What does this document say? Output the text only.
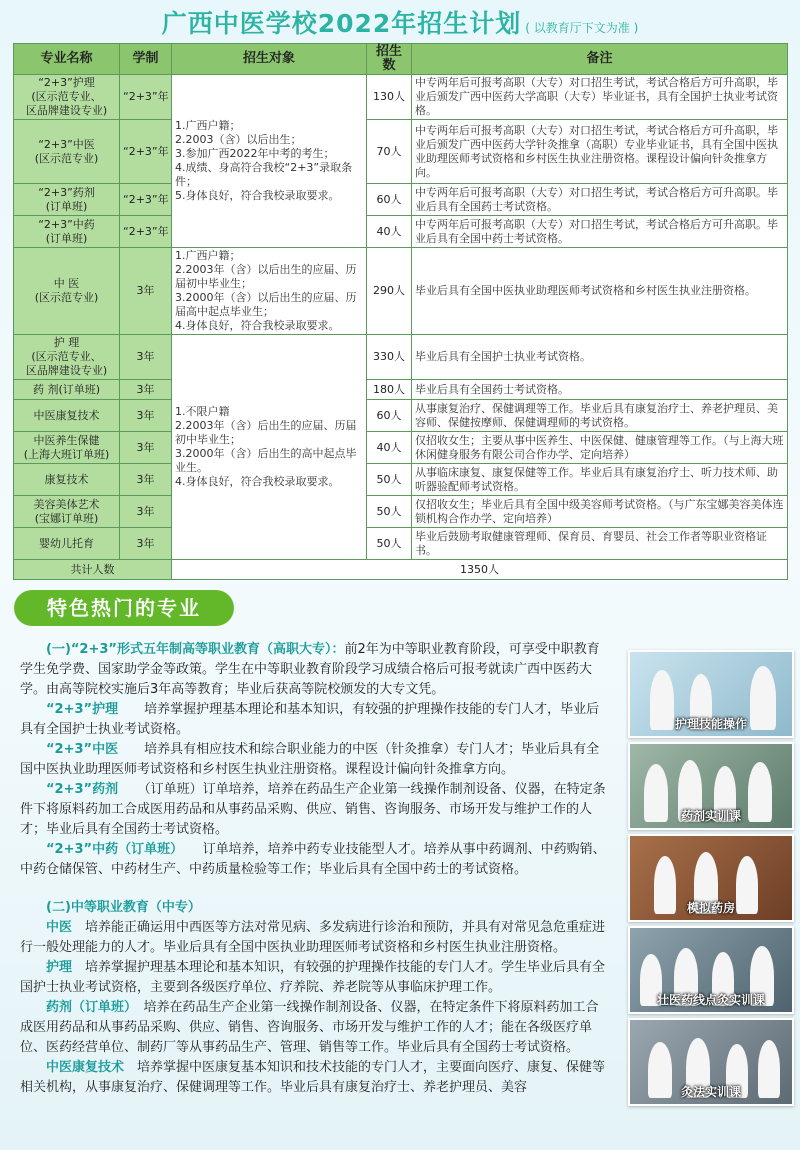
广西中医学校2022年招生计划 ( 以教育厅下文为准 )
专业名称	学制	招生对象	招生数	备注
“2+3”护理
(区示范专业、
区品牌建设专业)	“2+3”年	1.广西户籍；
2.2003（含）以后出生；
3.参加广西2022年中考的考生；
4.成绩、身高符合我校“2+3”录取条件；
5.身体良好，符合我校录取要求。	130人	中专两年后可报考高职（大专）对口招生考试，考试合格后方可升高职，毕业后颁发广西中医药大学高职（大专）毕业证书，具有全国护士执业考试资格。
“2+3”中医
(区示范专业)	“2+3”年		70人	中专两年后可报考高职（大专）对口招生考试，考试合格后方可升高职，毕业后颁发广西中医药大学针灸推拿（高职）专业毕业证书，具有全国中医执业助理医师考试资格和乡村医生执业注册资格。课程设计偏向针灸推拿方向。
“2+3”药剂
(订单班)	“2+3”年		60人	中专两年后可报考高职（大专）对口招生考试，考试合格后方可升高职。毕业后具有全国药士考试资格。
“2+3”中药
(订单班)	“2+3”年		40人	中专两年后可报考高职（大专）对口招生考试，考试合格后方可升高职。毕业后具有全国中药士考试资格。
中 医
(区示范专业)	3年	1.广西户籍；
2.2003年（含）以后出生的应届、历届初中毕业生；
3.2000年（含）以后出生的应届、历届高中起点毕业生；
4.身体良好，符合我校录取要求。	290人	毕业后具有全国中医执业助理医师考试资格和乡村医生执业注册资格。
护 理
(区示范专业、
区品牌建设专业)	3年	1.不限户籍
2.2003年（含）后出生的应届、历届初中毕业生；
3.2000年（含）后出生的高中起点毕业生。
4.身体良好，符合我校录取要求。	330人	毕业后具有全国护士执业考试资格。
药 剂(订单班)	3年		180人	毕业后具有全国药士考试资格。
中医康复技术	3年		60人	从事康复治疗、保健调理等工作。毕业后具有康复治疗士、养老护理员、美容师、保健按摩师、保健调理师的考试资格。
中医养生保健
(上海大班订单班)	3年		40人	仅招收女生；主要从事中医养生、中医保健、健康管理等工作。（与上海大班休闲健身服务有限公司合作办学、定向培养）
康复技术	3年		50人	从事临床康复、康复保健等工作。毕业后具有康复治疗士、听力技术师、助听器验配师考试资格。
美容美体艺术
(宝娜订单班)	3年		50人	仅招收女生；毕业后具有全国中级美容师考试资格。（与广东宝娜美容美体连锁机构合作办学、定向培养）
婴幼儿托育	3年		50人	毕业后鼓励考取健康管理师、保育员、育婴员、社会工作者等职业资格证书。
共计人数		1350人		
特色热门的专业

(一)“2+3”形式五年制高等职业教育（高职大专）：前2年为中等职业教育阶段，可享受中职教育学生免学费、国家助学金等政策。学生在中等职业教育阶段学习成绩合格后可报考就读广西中医药大学。由高等院校实施后3年高等教育；毕业后获高等院校颁发的大专文凭。

“2+3”护理　　 培养掌握护理基本理论和基本知识，有较强的护理操作技能的专门人才，毕业后具有全国护士执业考试资格。

“2+3”中医　　 培养具有相应技术和综合职业能力的中医（针灸推拿）专门人才；毕业后具有全国中医执业助理医师考试资格和乡村医生执业注册资格。课程设计偏向针灸推拿方向。

“2+3”药剂　　 （订单班）订单培养，培养在药品生产企业第一线操作制剂设备、仪器，在特定条件下将原料药加工合成医用药品和从事药品采购、供应、销售、咨询服务、市场开发与维护工作的人才；毕业后具有全国药士考试资格。

“2+3”中药（订单班）　　 订单培养，培养中药专业技能型人才。培养从事中药调剂、中药购销、中药仓储保管、中药材生产、中药质量检验等工作；毕业后具有全国中药士的考试资格。

(二)中等职业教育（中专）

中医　 培养能正确运用中西医等方法对常见病、多发病进行诊治和预防，并具有对常见急危重症进行一般处理能力的人才。毕业后具有全国中医执业助理医师考试资格和乡村医生执业注册资格。

护理　 培养掌握护理基本理论和基本知识，有较强的护理操作技能的专门人才。学生毕业后具有全国护士执业考试资格，主要到各级医疗单位、疗养院、养老院等从事临床护理工作。

药剂（订单班）　 培养在药品生产企业第一线操作制剂设备、仪器，在特定条件下将原料药加工合成医用药品和从事药品采购、供应、销售、咨询服务、市场开发与维护工作的人才；能在各级医疗单位、医药经营单位、制药厂等从事药品生产、管理、销售等工作。毕业后具有全国药士考试资格。

中医康复技术　 培养掌握中医康复基本知识和技术技能的专门人才，主要面向医疗、康复、保健等相关机构，从事康复治疗、保健调理等工作。毕业后具有康复治疗士、养老护理员、美容

护理技能操作
药剂实训课
模拟药房
壮医药线点灸实训课
灸法实训课
